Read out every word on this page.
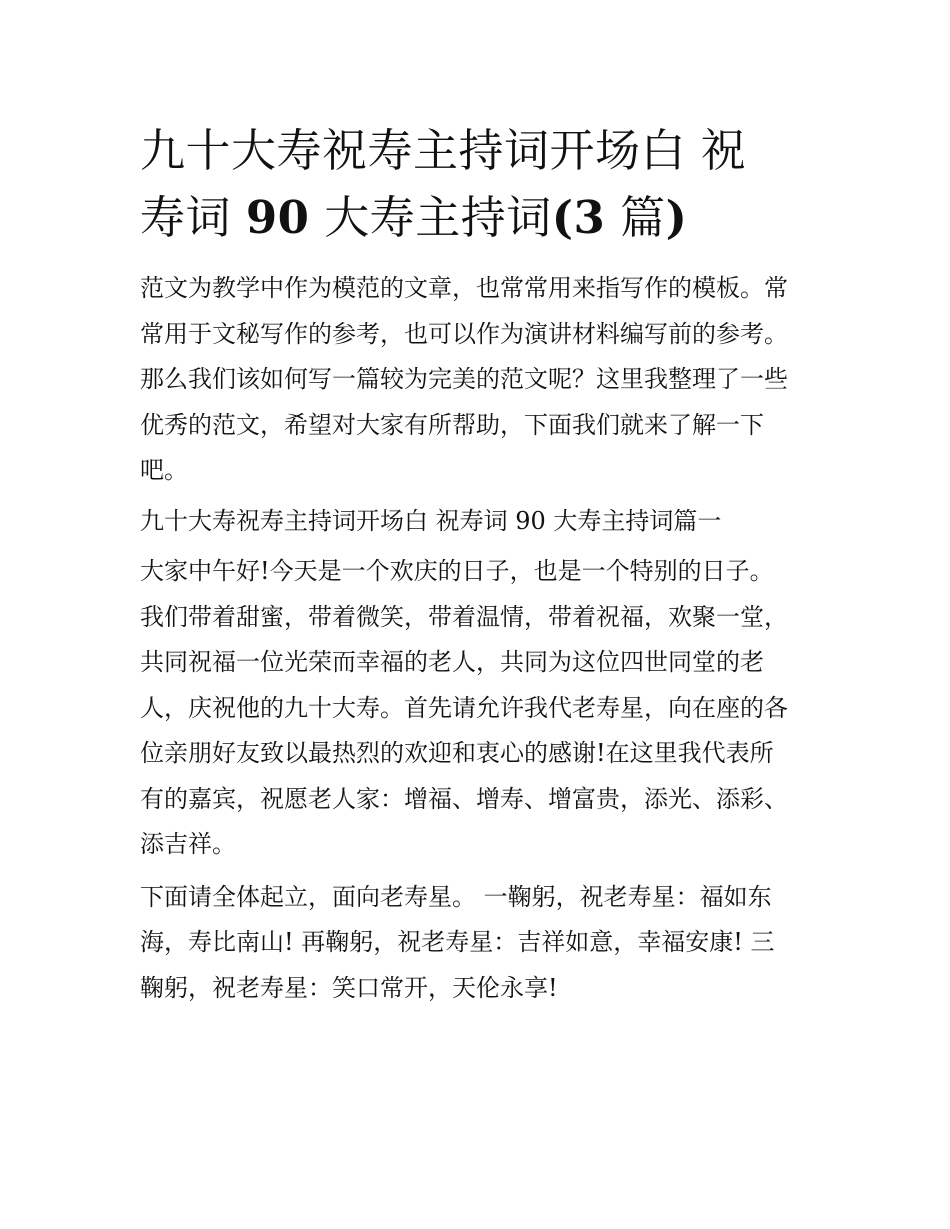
九十大寿祝寿主持词开场白 祝
寿词 90 大寿主持词(3 篇)

范文为教学中作为模范的文章，也常常用来指写作的模板。常
常用于文秘写作的参考，也可以作为演讲材料编写前的参考。
那么我们该如何写一篇较为完美的范文呢？这里我整理了一些
优秀的范文，希望对大家有所帮助，下面我们就来了解一下
吧。

九十大寿祝寿主持词开场白 祝寿词 90 大寿主持词篇一

大家中午好!今天是一个欢庆的日子，也是一个特别的日子。
我们带着甜蜜，带着微笑，带着温情，带着祝福，欢聚一堂，
共同祝福一位光荣而幸福的老人，共同为这位四世同堂的老
人，庆祝他的九十大寿。首先请允许我代老寿星，向在座的各
位亲朋好友致以最热烈的欢迎和衷心的感谢!在这里我代表所
有的嘉宾，祝愿老人家：增福、增寿、增富贵，添光、添彩、
添吉祥。

下面请全体起立，面向老寿星。 一鞠躬，祝老寿星：福如东
海，寿比南山! 再鞠躬，祝老寿星：吉祥如意，幸福安康! 三
鞠躬，祝老寿星：笑口常开，天伦永享!
